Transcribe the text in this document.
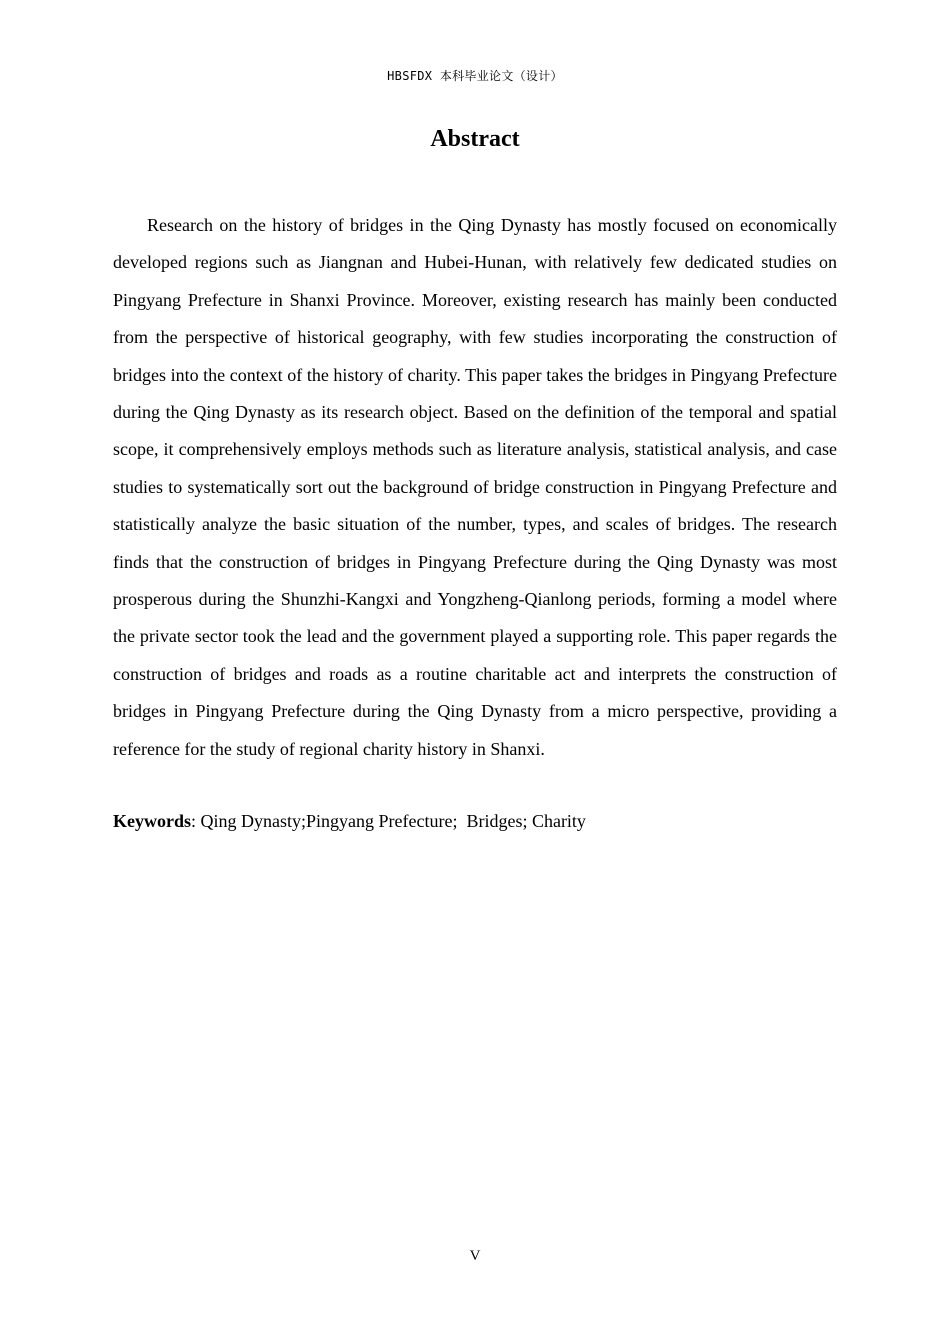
HBSFDX 本科毕业论文（设计）
Abstract

Research on the history of bridges in the Qing Dynasty has mostly focused on economically developed regions such as Jiangnan and Hubei-Hunan, with relatively few dedicated studies on Pingyang Prefecture in Shanxi Province. Moreover, existing research has mainly been conducted from the perspective of historical geography, with few studies incorporating the construction of bridges into the context of the history of charity. This paper takes the bridges in Pingyang Prefecture during the Qing Dynasty as its research object. Based on the definition of the temporal and spatial scope, it comprehensively employs methods such as literature analysis, statistical analysis, and case studies to systematically sort out the background of bridge construction in Pingyang Prefecture and statistically analyze the basic situation of the number, types, and scales of bridges. The research finds that the construction of bridges in Pingyang Prefecture during the Qing Dynasty was most prosperous during the Shunzhi-Kangxi and Yongzheng-Qianlong periods, forming a model where the private sector took the lead and the government played a supporting role. This paper regards the construction of bridges and roads as a routine charitable act and interprets the construction of bridges in Pingyang Prefecture during the Qing Dynasty from a micro perspective, providing a reference for the study of regional charity history in Shanxi.

Keywords: Qing Dynasty;Pingyang Prefecture;  Bridges; Charity

V
